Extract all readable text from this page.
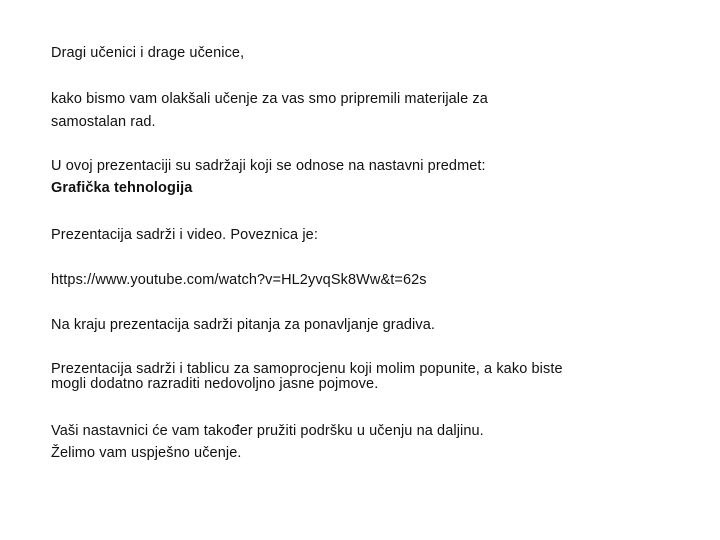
Dragi učenici i drage učenice,
kako bismo vam olakšali učenje za vas smo pripremili materijale za
samostalan rad.
U ovoj prezentaciji su sadržaji koji se odnose na nastavni predmet:
Grafička tehnologija
Prezentacija sadrži i video. Poveznica je:
https://www.youtube.com/watch?v=HL2yvqSk8Ww&t=62s
Na kraju prezentacija sadrži pitanja za ponavljanje gradiva.
Prezentacija sadrži i tablicu za samoprocjenu koji molim popunite, a kako biste
mogli dodatno razraditi nedovoljno jasne pojmove.
Vaši nastavnici će vam također pružiti podršku u učenju na daljinu.
Želimo vam uspješno učenje.
